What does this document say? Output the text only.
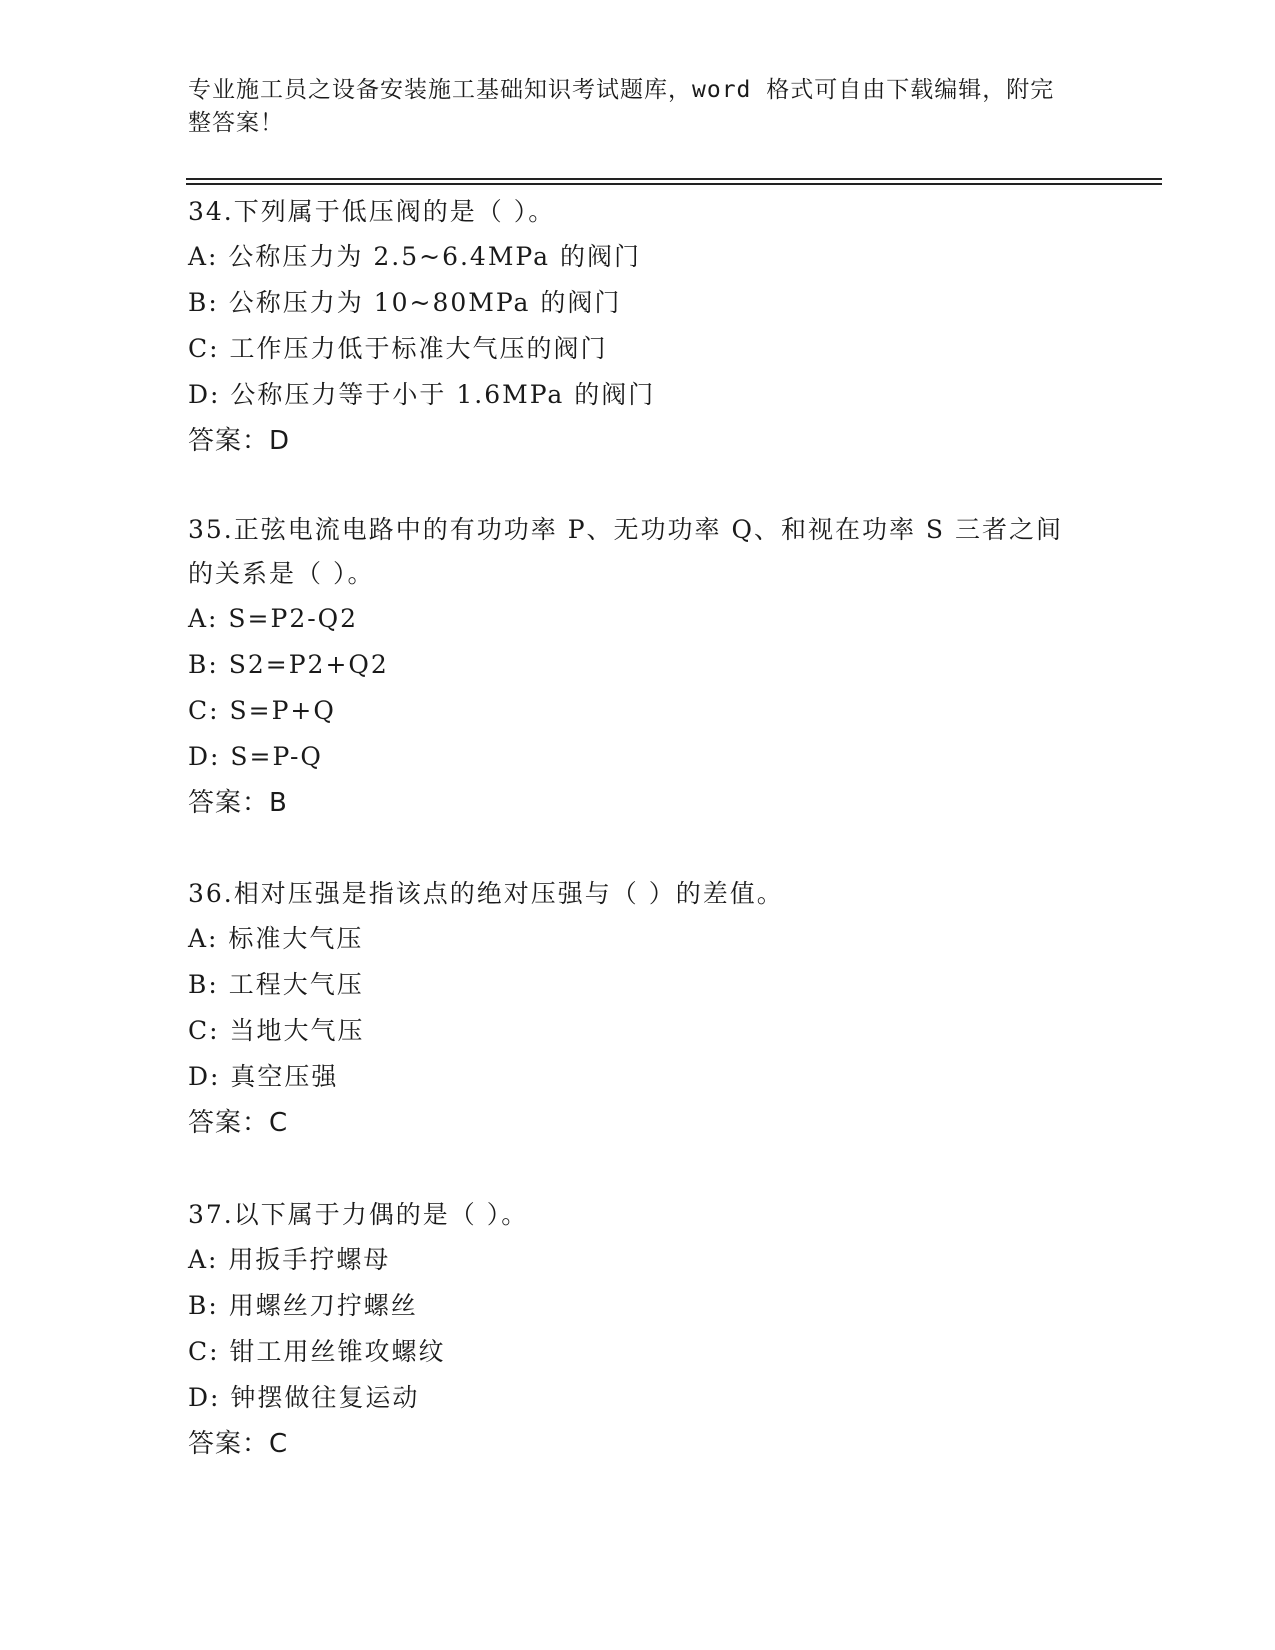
专业施工员之设备安装施工基础知识考试题库，word 格式可自由下载编辑，附完整答案！

34.下列属于低压阀的是（ ）。

A: 公称压力为 2.5~6.4MPa 的阀门
B: 公称压力为 10~80MPa 的阀门
C: 工作压力低于标准大气压的阀门
D: 公称压力等于小于 1.6MPa 的阀门
答案：D

35.正弦电流电路中的有功功率 P、无功功率 Q、和视在功率 S 三者之间的关系是（ ）。

A: S=P2-Q2
B: S2=P2+Q2
C: S=P+Q
D: S=P-Q
答案：B

36.相对压强是指该点的绝对压强与（ ）的差值。

A: 标准大气压
B: 工程大气压
C: 当地大气压
D: 真空压强
答案：C

37.以下属于力偶的是（ ）。

A: 用扳手拧螺母
B: 用螺丝刀拧螺丝
C: 钳工用丝锥攻螺纹
D: 钟摆做往复运动
答案：C
